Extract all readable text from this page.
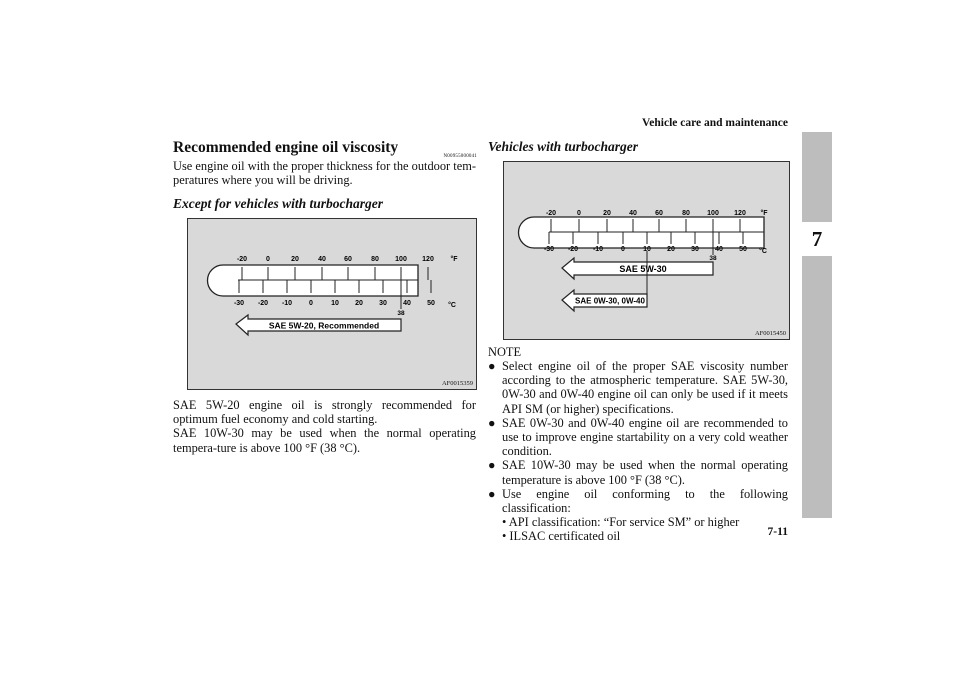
Vehicle care and maintenance
7
Recommended engine oil viscosity
N00955000041
Use engine oil with the proper thickness for the outdoor tem-peratures where you will be driving.
Except for vehicles with turbocharger
-20	0	20	40	60	80 100 120 °F
-30 -20 -10 0	10 20 30 40 50 °C
38
SAE 5W-20, Recommended
AF0015359
SAE 5W-20 engine oil is strongly recommended for optimum fuel economy and cold starting.
SAE 10W-30 may be used when the normal operating tempera-ture is above 100 °F (38 °C).
Vehicles with turbocharger
-20	0	20	40	60	80 100 120 °F
-30 -20 -10	0	10 20 30 40 50 °C
38
SAE 5W-30
SAE 0W-30, 0W-40
AF0015450
NOTE
● Select engine oil of the proper SAE viscosity number according to the atmospheric temperature. SAE 5W-30, 0W-30 and 0W-40 engine oil can only be used if it meets API SM (or higher) specifications.
● SAE 0W-30 and 0W-40 engine oil are recommended to use to improve engine startability on a very cold weather condition.
● SAE 10W-30 may be used when the normal operating temperature is above 100 °F (38 °C).
● Use engine oil conforming to the following classification:
• API classification: “For service SM” or higher
• ILSAC certificated oil	7-11
